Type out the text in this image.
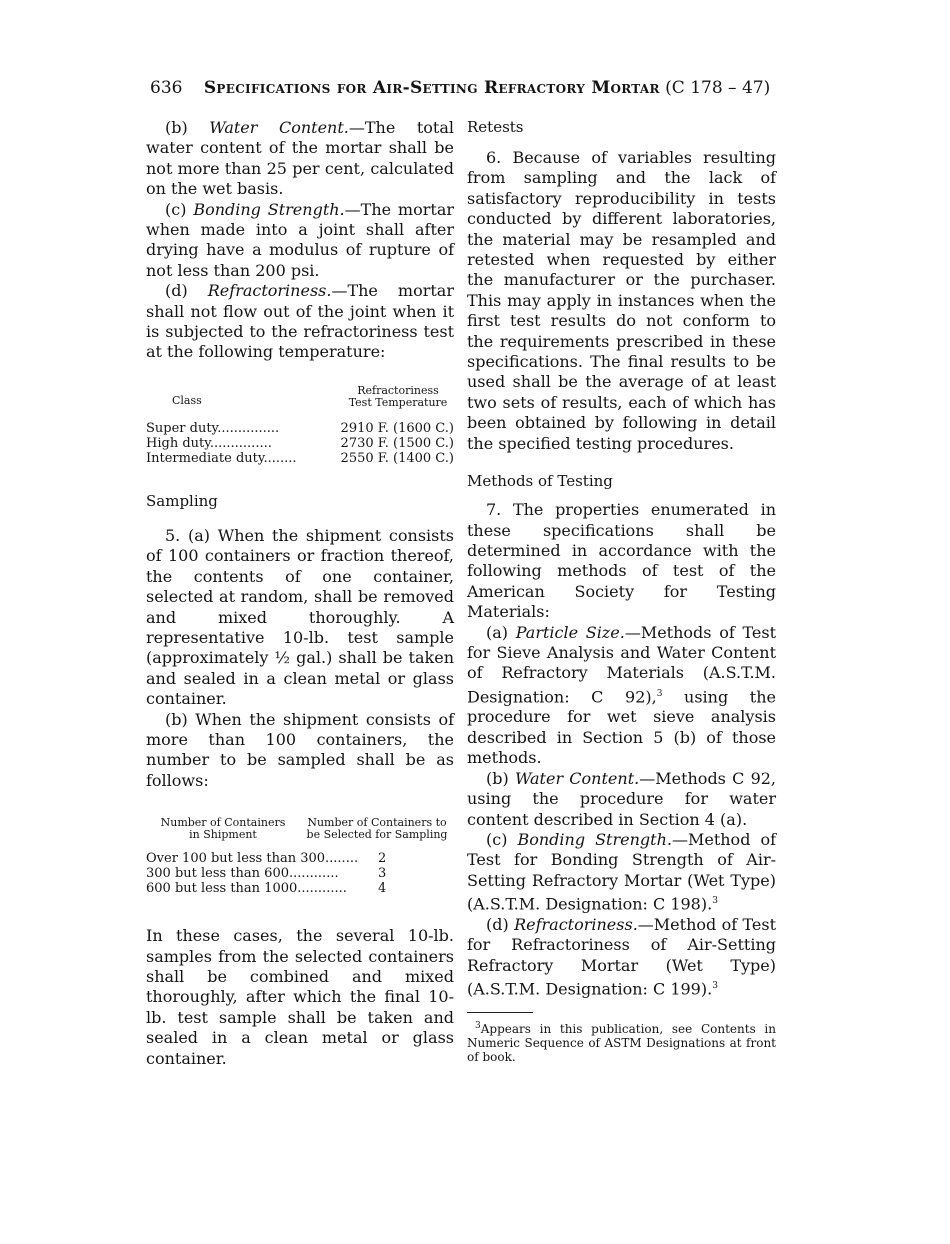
636 Specifications for Air-Setting Refractory Mortar (C 178 – 47)

(b) Water Content.—The total water content of the mortar shall be not more than 25 per cent, calculated on the wet basis.

(c) Bonding Strength.—The mortar when made into a joint shall after drying have a modulus of rupture of not less than 200 psi.

(d) Refractoriness.—The mortar shall not flow out of the joint when it is subjected to the refractoriness test at the following temperature:

Class
Refractoriness
Test Temperature
Super duty...............	2910 F. (1600 C.)
High duty...............	2730 F. (1500 C.)
Intermediate duty........	2550 F. (1400 C.)
Sampling

5. (a) When the shipment consists of 100 containers or fraction thereof, the contents of one container, selected at random, shall be removed and mixed thoroughly. A representative 10-lb. test sample (approximately ½ gal.) shall be taken and sealed in a clean metal or glass container.

(b) When the shipment consists of more than 100 containers, the number to be sampled shall be as follows:

Number of Containers
in Shipment
Number of Containers to
be Selected for Sampling
Over 100 but less than 300........	2
300 but less than 600............	3
600 but less than 1000............	4

In these cases, the several 10-lb. samples from the selected containers shall be combined and mixed thoroughly, after which the final 10-lb. test sample shall be taken and sealed in a clean metal or glass container.

Retests

6. Because of variables resulting from sampling and the lack of satisfactory reproducibility in tests conducted by different laboratories, the material may be resampled and retested when requested by either the manufacturer or the purchaser. This may apply in instances when the first test results do not conform to the requirements prescribed in these specifications. The final results to be used shall be the average of at least two sets of results, each of which has been obtained by following in detail the specified testing procedures.

Methods of Testing

7. The properties enumerated in these specifications shall be determined in accordance with the following methods of test of the American Society for Testing Materials:

(a) Particle Size.—Methods of Test for Sieve Analysis and Water Content of Refractory Materials (A.S.T.M. Designation: C 92),$^3$ using the procedure for wet sieve analysis described in Section 5 (b) of those methods.

(b) Water Content.—Methods C 92, using the procedure for water content described in Section 4 (a).

(c) Bonding Strength.—Method of Test for Bonding Strength of Air-Setting Refractory Mortar (Wet Type) (A.S.T.M. Designation: C 198).$^3$

(d) Refractoriness.—Method of Test for Refractoriness of Air-Setting Refractory Mortar (Wet Type) (A.S.T.M. Designation: C 199).$^3$

$^3$Appears in this publication, see Contents in Numeric Sequence of ASTM Designations at front of book.
